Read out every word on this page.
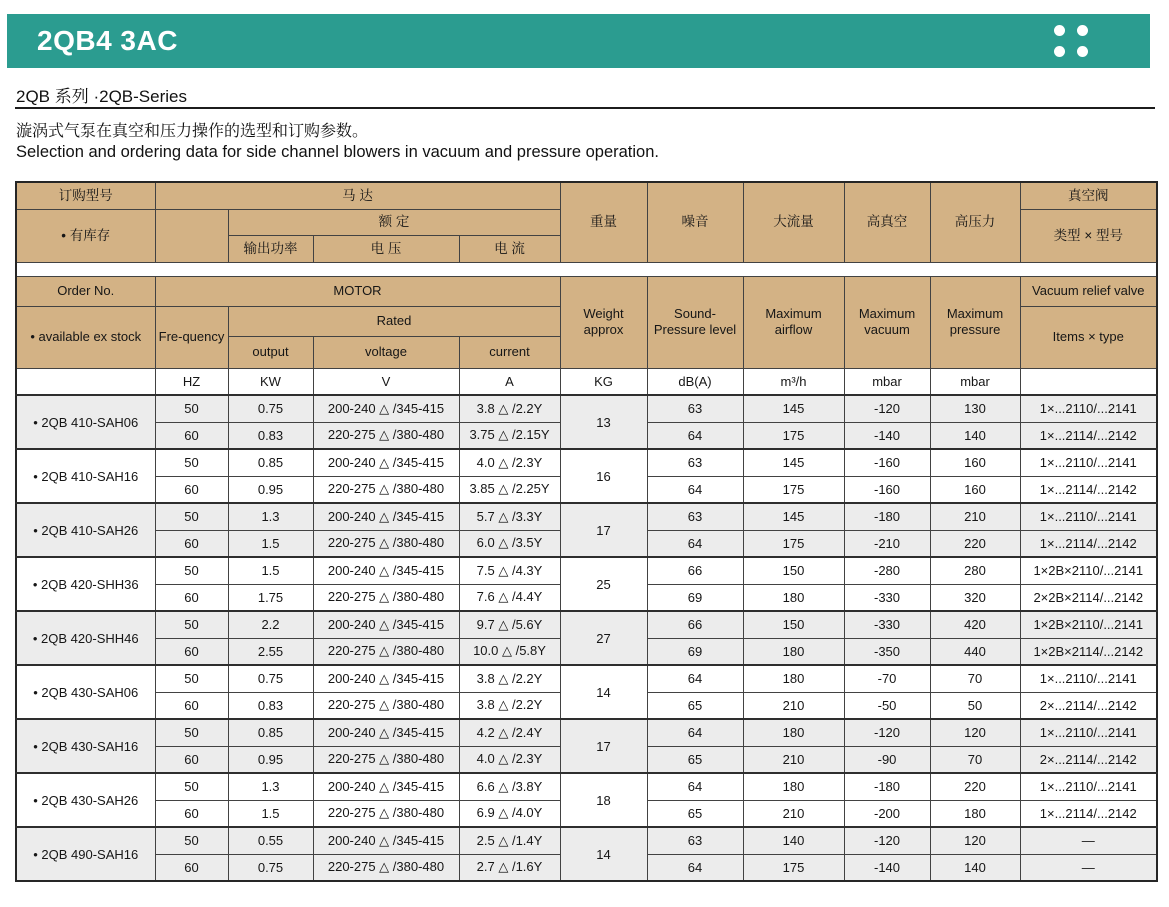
2QB4 3AC
2QB 系列 ·2QB-Series
漩涡式气泵在真空和压力操作的选型和订购参数。
Selection and ordering data for side channel blowers in vacuum and pressure operation.
订购型号	马 达				重量	噪音	大流量	高真空	高压力	真空阀
• 有库存		额 定								类型 × 型号
		输出功率	电 压	电 流						

Order No.	MOTOR				Weight approx	Sound- Pressure level	Maximum airflow	Maximum vacuum	Maximum pressure	Vacuum relief valve
• available ex stock	Fre-quency	Rated								Items × type
		output	voltage	current						
	HZ	KW	V	A	KG	dB(A)	m³/h	mbar	mbar	
• 2QB 410-SAH06	50	0.75	200-240 △ /345-415	3.8 △ /2.2Y	13	63	145	-120	130	1×...2110/...2141
	60	0.83	220-275 △ /380-480	3.75 △ /2.15Y		64	175	-140	140	1×...2114/...2142
• 2QB 410-SAH16	50	0.85	200-240 △ /345-415	4.0 △ /2.3Y	16	63	145	-160	160	1×...2110/...2141
	60	0.95	220-275 △ /380-480	3.85 △ /2.25Y		64	175	-160	160	1×...2114/...2142
• 2QB 410-SAH26	50	1.3	200-240 △ /345-415	5.7 △ /3.3Y	17	63	145	-180	210	1×...2110/...2141
	60	1.5	220-275 △ /380-480	6.0 △ /3.5Y		64	175	-210	220	1×...2114/...2142
• 2QB 420-SHH36	50	1.5	200-240 △ /345-415	7.5 △ /4.3Y	25	66	150	-280	280	1×2B×2110/...2141
	60	1.75	220-275 △ /380-480	7.6 △ /4.4Y		69	180	-330	320	2×2B×2114/...2142
• 2QB 420-SHH46	50	2.2	200-240 △ /345-415	9.7 △ /5.6Y	27	66	150	-330	420	1×2B×2110/...2141
	60	2.55	220-275 △ /380-480	10.0 △ /5.8Y		69	180	-350	440	1×2B×2114/...2142
• 2QB 430-SAH06	50	0.75	200-240 △ /345-415	3.8 △ /2.2Y	14	64	180	-70	70	1×...2110/...2141
	60	0.83	220-275 △ /380-480	3.8 △ /2.2Y		65	210	-50	50	2×...2114/...2142
• 2QB 430-SAH16	50	0.85	200-240 △ /345-415	4.2 △ /2.4Y	17	64	180	-120	120	1×...2110/...2141
	60	0.95	220-275 △ /380-480	4.0 △ /2.3Y		65	210	-90	70	2×...2114/...2142
• 2QB 430-SAH26	50	1.3	200-240 △ /345-415	6.6 △ /3.8Y	18	64	180	-180	220	1×...2110/...2141
	60	1.5	220-275 △ /380-480	6.9 △ /4.0Y		65	210	-200	180	1×...2114/...2142
• 2QB 490-SAH16	50	0.55	200-240 △ /345-415	2.5 △ /1.4Y	14	63	140	-120	120	—
	60	0.75	220-275 △ /380-480	2.7 △ /1.6Y		64	175	-140	140	—
